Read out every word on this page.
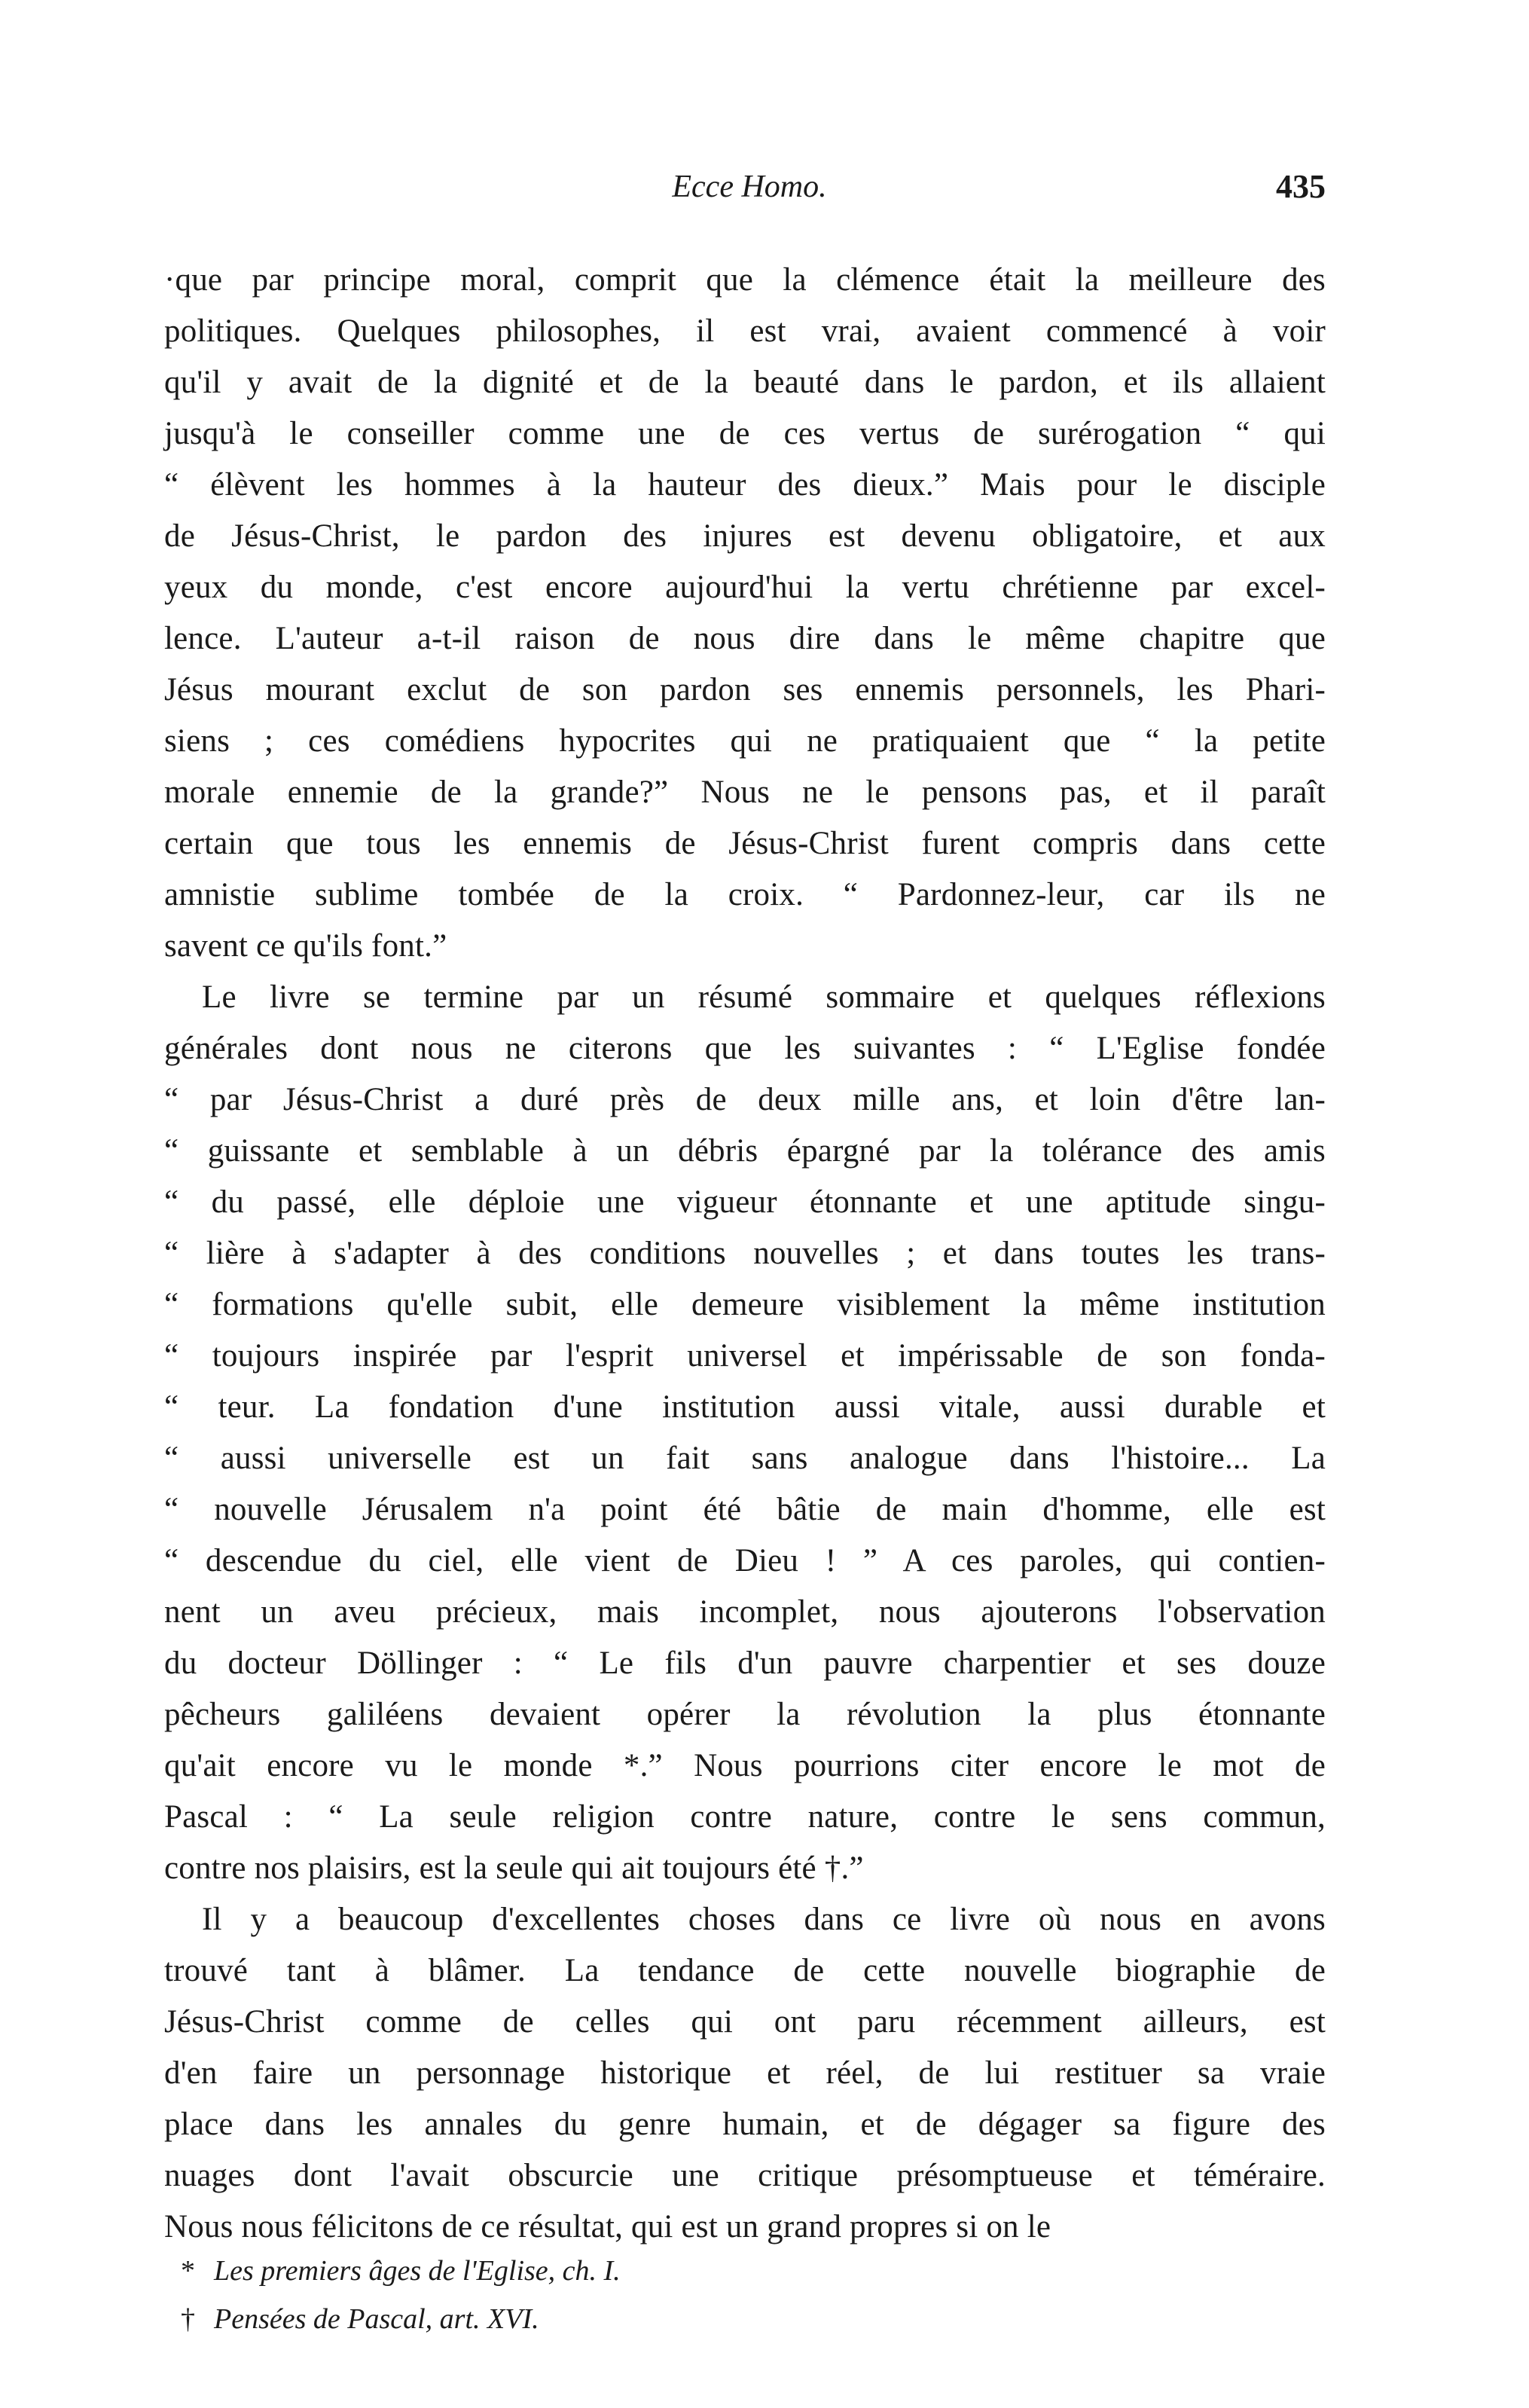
Ecce Homo.	435
·que par principe moral, comprit que la clémence était la meilleure des
politiques. Quelques philosophes, il est vrai, avaient commencé à voir
qu'il y avait de la dignité et de la beauté dans le pardon, et ils allaient
jusqu'à le conseiller comme une de ces vertus de surérogation “ qui
“ élèvent les hommes à la hauteur des dieux.” Mais pour le disciple
de Jésus-Christ, le pardon des injures est devenu obligatoire, et aux
yeux du monde, c'est encore aujourd'hui la vertu chrétienne par excel-
lence. L'auteur a-t-il raison de nous dire dans le même chapitre que
Jésus mourant exclut de son pardon ses ennemis personnels, les Phari-
siens ; ces comédiens hypocrites qui ne pratiquaient que “ la petite
morale ennemie de la grande?” Nous ne le pensons pas, et il paraît
certain que tous les ennemis de Jésus-Christ furent compris dans cette
amnistie sublime tombée de la croix. “ Pardonnez-leur, car ils ne
savent ce qu'ils font.”
Le livre se termine par un résumé sommaire et quelques réflexions
générales dont nous ne citerons que les suivantes : “ L'Eglise fondée
“ par Jésus-Christ a duré près de deux mille ans, et loin d'être lan-
“ guissante et semblable à un débris épargné par la tolérance des amis
“ du passé, elle déploie une vigueur étonnante et une aptitude singu-
“ lière à s'adapter à des conditions nouvelles ; et dans toutes les trans-
“ formations qu'elle subit, elle demeure visiblement la même institution
“ toujours inspirée par l'esprit universel et impérissable de son fonda-
“ teur. La fondation d'une institution aussi vitale, aussi durable et
“ aussi universelle est un fait sans analogue dans l'histoire... La
“ nouvelle Jérusalem n'a point été bâtie de main d'homme, elle est
“ descendue du ciel, elle vient de Dieu ! ” A ces paroles, qui contien-
nent un aveu précieux, mais incomplet, nous ajouterons l'observation
du docteur Döllinger : “ Le fils d'un pauvre charpentier et ses douze
pêcheurs galiléens devaient opérer la révolution la plus étonnante
qu'ait encore vu le monde *.” Nous pourrions citer encore le mot de
Pascal : “ La seule religion contre nature, contre le sens commun,
contre nos plaisirs, est la seule qui ait toujours été †.”
Il y a beaucoup d'excellentes choses dans ce livre où nous en avons
trouvé tant à blâmer. La tendance de cette nouvelle biographie de
Jésus-Christ comme de celles qui ont paru récemment ailleurs, est
d'en faire un personnage historique et réel, de lui restituer sa vraie
place dans les annales du genre humain, et de dégager sa figure des
nuages dont l'avait obscurcie une critique présomptueuse et téméraire.
Nous nous félicitons de ce résultat, qui est un grand propres si on le
* Les premiers âges de l'Eglise, ch. I.
† Pensées de Pascal, art. XVI.
